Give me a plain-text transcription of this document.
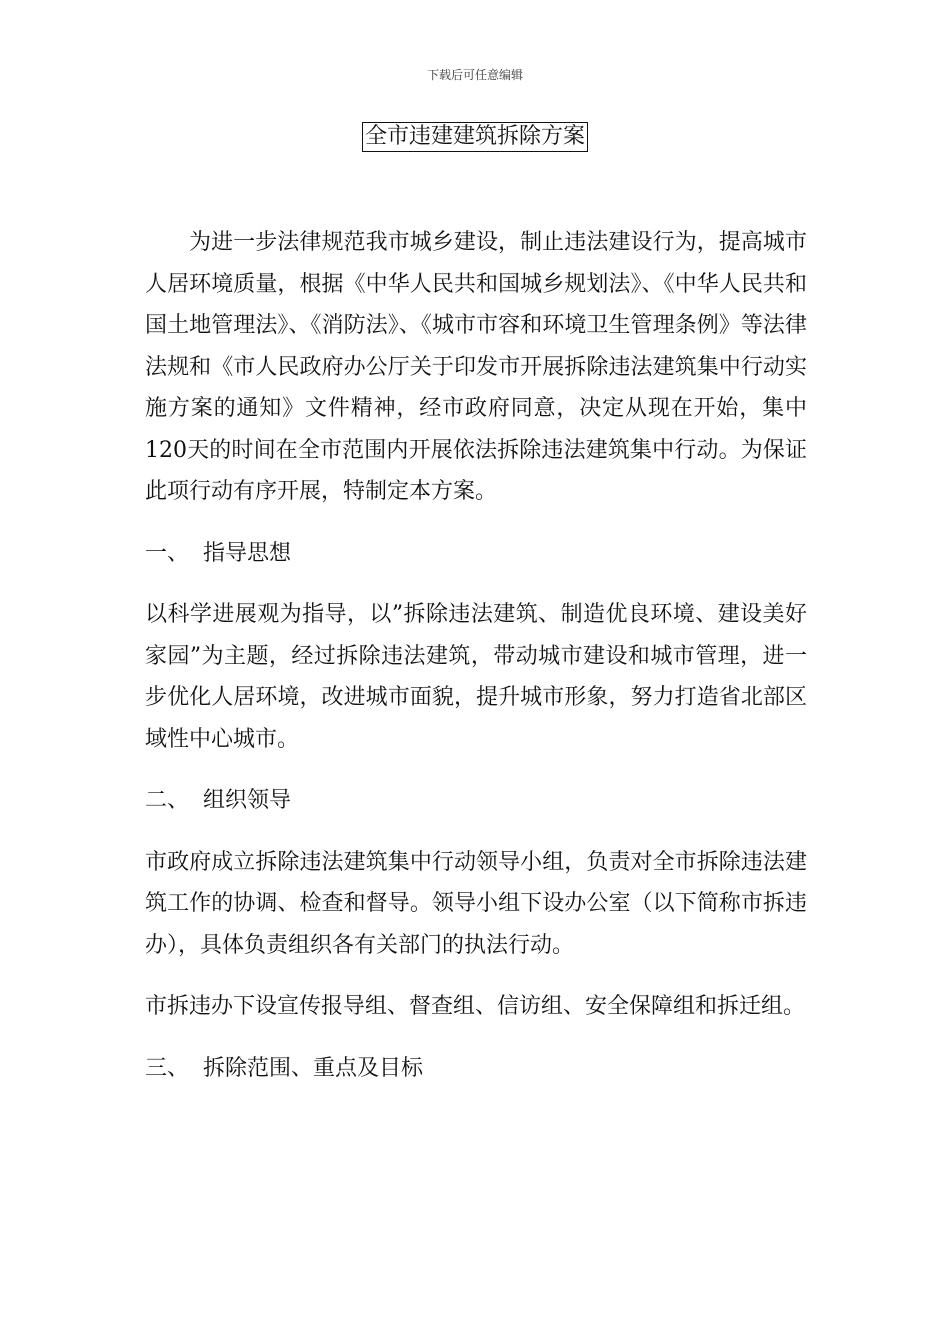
下载后可任意编辑
全市违建建筑拆除方案

为进一步法律规范我市城乡建设，制止违法建设行为，提高城市人居环境质量，根据《中华人民共和国城乡规划法》、《中华人民共和国土地管理法》、《消防法》、《城市市容和环境卫生管理条例》等法律法规和《市人民政府办公厅关于印发市开展拆除违法建筑集中行动实施方案的通知》文件精神，经市政府同意，决定从现在开始，集中120天的时间在全市范围内开展依法拆除违法建筑集中行动。为保证此项行动有序开展，特制定本方案。

一、 指导思想

以科学进展观为指导，以”拆除违法建筑、制造优良环境、建设美好家园”为主题，经过拆除违法建筑，带动城市建设和城市管理，进一步优化人居环境，改进城市面貌，提升城市形象，努力打造省北部区域性中心城市。

二、 组织领导

市政府成立拆除违法建筑集中行动领导小组，负责对全市拆除违法建筑工作的协调、检查和督导。领导小组下设办公室（以下简称市拆违办），具体负责组织各有关部门的执法行动。

市拆违办下设宣传报导组、督查组、信访组、安全保障组和拆迁组。

三、 拆除范围、重点及目标
